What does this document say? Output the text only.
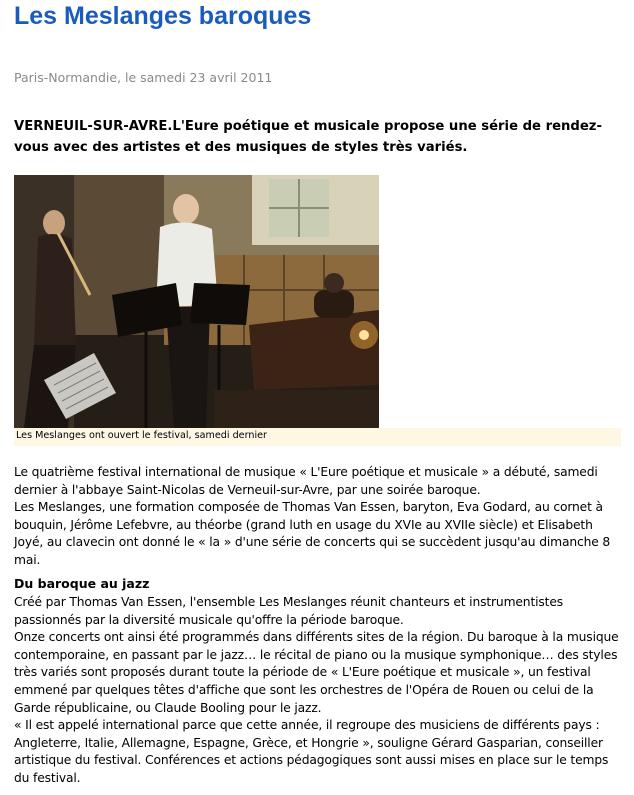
Les Meslanges baroques
Paris-Normandie, le samedi 23 avril 2011

VERNEUIL-SUR-AVRE.L'Eure poétique et musicale propose une série de rendez-vous avec des artistes et des musiques de styles très variés.

Les Meslanges ont ouvert le festival, samedi dernier

Le quatrième festival international de musique « L'Eure poétique et musicale » a débuté, samedi dernier à l'abbaye Saint-Nicolas de Verneuil-sur-Avre, par une soirée baroque.
Les Meslanges, une formation composée de Thomas Van Essen, baryton, Eva Godard, au cornet à bouquin, Jérôme Lefebvre, au théorbe (grand luth en usage du XVIe au XVIIe siècle) et Elisabeth Joyé, au clavecin ont donné le « la » d'une série de concerts qui se succèdent jusqu'au dimanche 8 mai.

Du baroque au jazz

Créé par Thomas Van Essen, l'ensemble Les Meslanges réunit chanteurs et instrumentistes passionnés par la diversité musicale qu'offre la période baroque.
Onze concerts ont ainsi été programmés dans différents sites de la région. Du baroque à la musique contemporaine, en passant par le jazz… le récital de piano ou la musique symphonique… des styles très variés sont proposés durant toute la période de « L'Eure poétique et musicale », un festival emmené par quelques têtes d'affiche que sont les orchestres de l'Opéra de Rouen ou celui de la Garde républicaine, ou Claude Booling pour le jazz.
« Il est appelé international parce que cette année, il regroupe des musiciens de différents pays : Angleterre, Italie, Allemagne, Espagne, Grèce, et Hongrie », souligne Gérard Gasparian, conseiller artistique du festival. Conférences et actions pédagogiques sont aussi mises en place sur le temps du festival.
